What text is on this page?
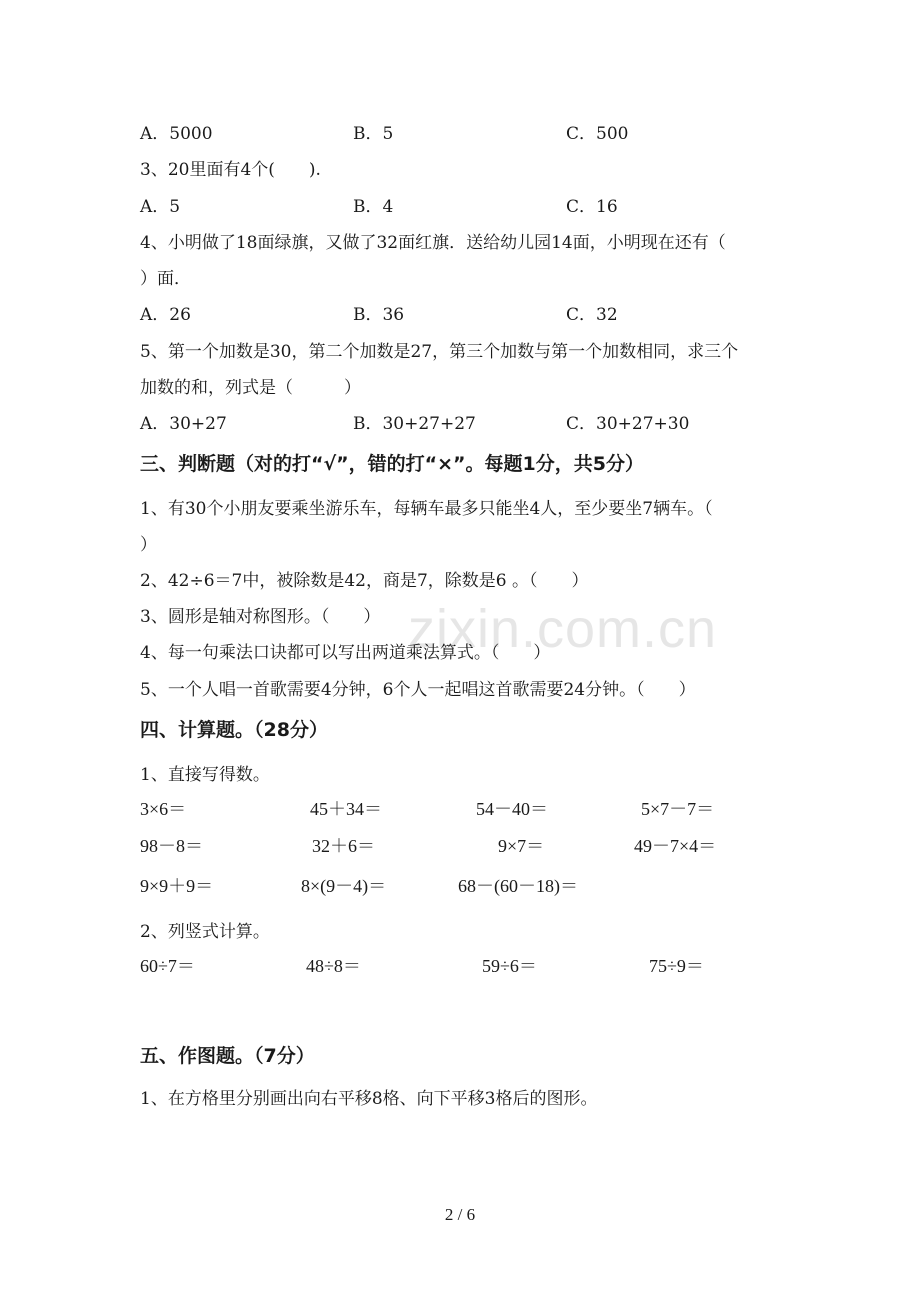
zixin.com.cn
A．5000	B．5	C．500
3、20里面有4个(　　).
A．5	B．4	C．16
4、小明做了18面绿旗，又做了32面红旗．送给幼儿园14面，小明现在还有（
）面．
A．26	B．36	C．32
5、第一个加数是30，第二个加数是27，第三个加数与第一个加数相同，求三个
加数的和，列式是（　　　）
A．30+27	B．30+27+27	C．30+27+30
三、判断题（对的打“√”，错的打“×”。每题1分，共5分）
1、有30个小朋友要乘坐游乐车，每辆车最多只能坐4人，至少要坐7辆车。（
）
2、42÷6＝7中，被除数是42，商是7，除数是6 。（　　）
3、圆形是轴对称图形。（　　）
4、每一句乘法口诀都可以写出两道乘法算式。（　　）
5、一个人唱一首歌需要4分钟，6个人一起唱这首歌需要24分钟。（　　）
四、计算题。（28分）
1、直接写得数。
3×6＝	45＋34＝	54－40＝	5×7－7＝
98－8＝	32＋6＝	9×7＝	49－7×4＝
9×9＋9＝	8×(9－4)＝	68－(60－18)＝
2、列竖式计算。
60÷7＝	48÷8＝	59÷6＝	75÷9＝
五、作图题。（7分）
1、在方格里分别画出向右平移8格、向下平移3格后的图形。
2 / 6
